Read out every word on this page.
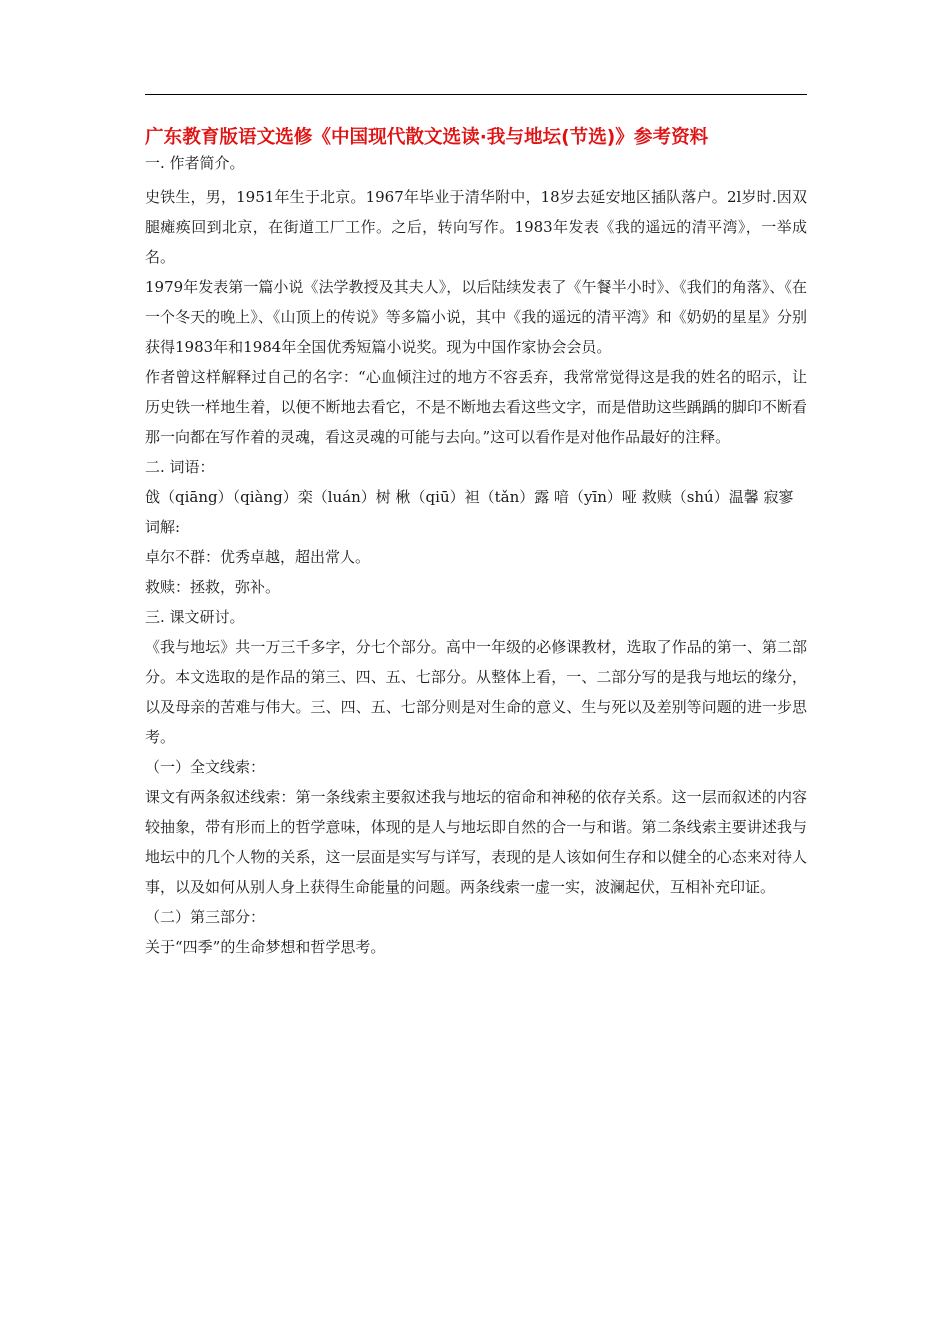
广东教育版语文选修《中国现代散文选读·我与地坛(节选)》参考资料

一. 作者简介。

史铁生，男，1951年生于北京。1967年毕业于清华附中，18岁去延安地区插队落户。2l岁时.因双腿瘫痪回到北京，在街道工厂工作。之后，转向写作。1983年发表《我的遥远的清平湾》，一举成名。

1979年发表第一篇小说《法学教授及其夫人》，以后陆续发表了《午餐半小时》、《我们的角落》、《在一个冬天的晚上》、《山顶上的传说》等多篇小说，其中《我的遥远的清平湾》和《奶奶的星星》分别获得1983年和1984年全国优秀短篇小说奖。现为中国作家协会会员。

作者曾这样解释过自己的名字：“心血倾注过的地方不容丢弃，我常常觉得这是我的姓名的昭示，让历史铁一样地生着，以便不断地去看它，不是不断地去看这些文字，而是借助这些踽踽的脚印不断看那一向都在写作着的灵魂，看这灵魂的可能与去向。”这可以看作是对他作品最好的注释。

二. 词语：

戗（qiāng）（qiàng）栾（luán）树 楸（qiū）袒（tǎn）露 喑（yīn）哑 救赎（shú）温馨 寂寥

词解:

卓尔不群：优秀卓越，超出常人。

救赎：拯救，弥补。

三. 课文研讨。

《我与地坛》共一万三千多字，分七个部分。高中一年级的必修课教材，选取了作品的第一、第二部分。本文选取的是作品的第三、四、五、七部分。从整体上看，一、二部分写的是我与地坛的缘分，以及母亲的苦难与伟大。三、四、五、七部分则是对生命的意义、生与死以及差别等问题的进一步思考。

（一）全文线索：

课文有两条叙述线索：第一条线索主要叙述我与地坛的宿命和神秘的依存关系。这一层而叙述的内容较抽象，带有形而上的哲学意味，体现的是人与地坛即自然的合一与和谐。第二条线索主要讲述我与地坛中的几个人物的关系，这一层面是实写与详写，表现的是人该如何生存和以健全的心态来对待人事，以及如何从别人身上获得生命能量的问题。两条线索一虚一实，波澜起伏，互相补充印证。

（二）第三部分：

关于“四季”的生命梦想和哲学思考。
